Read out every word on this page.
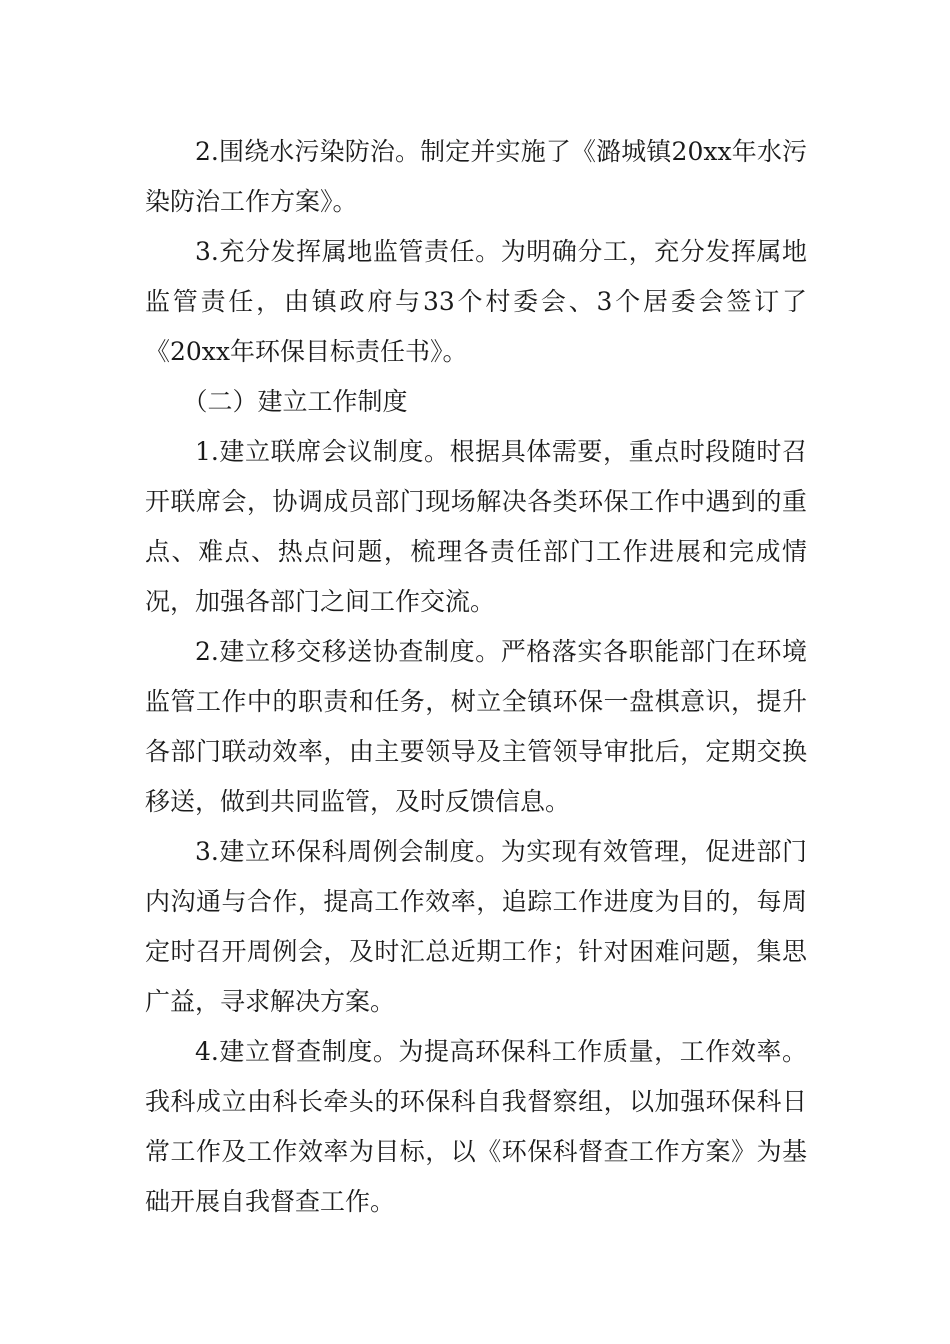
2.围绕水污染防治。制定并实施了《潞城镇20xx年水污染防治工作方案》。

3.充分发挥属地监管责任。为明确分工，充分发挥属地监管责任，由镇政府与33个村委会、3个居委会签订了《20xx年环保目标责任书》。

（二）建立工作制度

1.建立联席会议制度。根据具体需要，重点时段随时召开联席会，协调成员部门现场解决各类环保工作中遇到的重点、难点、热点问题，梳理各责任部门工作进展和完成情况，加强各部门之间工作交流。

2.建立移交移送协查制度。严格落实各职能部门在环境监管工作中的职责和任务，树立全镇环保一盘棋意识，提升各部门联动效率，由主要领导及主管领导审批后，定期交换移送，做到共同监管，及时反馈信息。

3.建立环保科周例会制度。为实现有效管理，促进部门内沟通与合作，提高工作效率，追踪工作进度为目的，每周定时召开周例会，及时汇总近期工作；针对困难问题，集思广益，寻求解决方案。

4.建立督查制度。为提高环保科工作质量，工作效率。我科成立由科长牵头的环保科自我督察组，以加强环保科日常工作及工作效率为目标，以《环保科督查工作方案》为基础开展自我督查工作。
